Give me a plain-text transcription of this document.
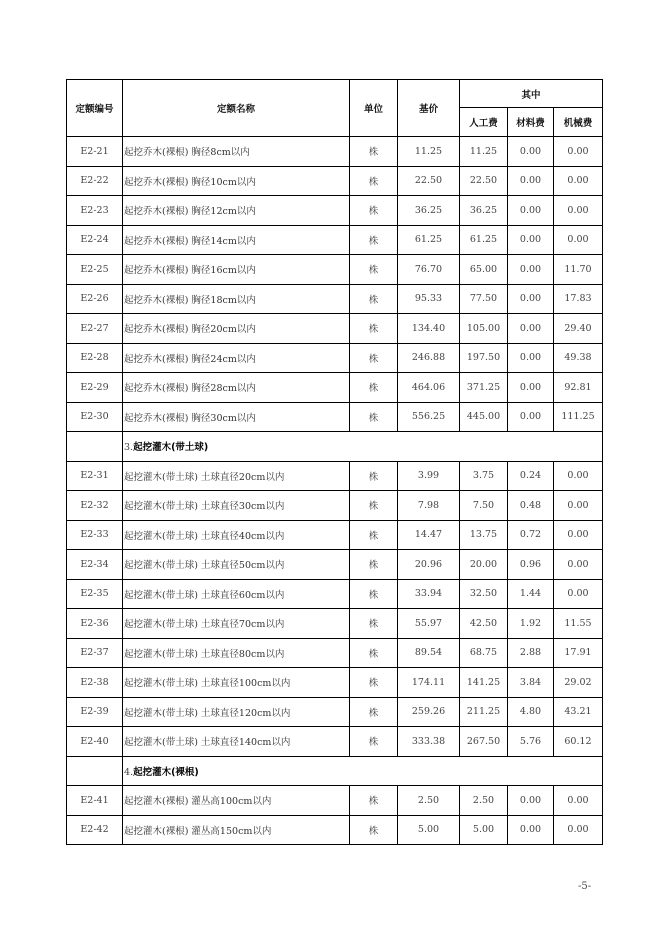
定额编号	定额名称	单位	基价	其中		
				人工费	材料费	机械费
E2-21	起挖乔木(裸根) 胸径8cm以内	株	11.25	11.25	0.00	0.00
E2-22	起挖乔木(裸根) 胸径10cm以内	株	22.50	22.50	0.00	0.00
E2-23	起挖乔木(裸根) 胸径12cm以内	株	36.25	36.25	0.00	0.00
E2-24	起挖乔木(裸根) 胸径14cm以内	株	61.25	61.25	0.00	0.00
E2-25	起挖乔木(裸根) 胸径16cm以内	株	76.70	65.00	0.00	11.70
E2-26	起挖乔木(裸根) 胸径18cm以内	株	95.33	77.50	0.00	17.83
E2-27	起挖乔木(裸根) 胸径20cm以内	株	134.40	105.00	0.00	29.40
E2-28	起挖乔木(裸根) 胸径24cm以内	株	246.88	197.50	0.00	49.38
E2-29	起挖乔木(裸根) 胸径28cm以内	株	464.06	371.25	0.00	92.81
E2-30	起挖乔木(裸根) 胸径30cm以内	株	556.25	445.00	0.00	111.25
	3.起挖灌木(带土球)					
E2-31	起挖灌木(带土球) 土球直径20cm以内	株	3.99	3.75	0.24	0.00
E2-32	起挖灌木(带土球) 土球直径30cm以内	株	7.98	7.50	0.48	0.00
E2-33	起挖灌木(带土球) 土球直径40cm以内	株	14.47	13.75	0.72	0.00
E2-34	起挖灌木(带土球) 土球直径50cm以内	株	20.96	20.00	0.96	0.00
E2-35	起挖灌木(带土球) 土球直径60cm以内	株	33.94	32.50	1.44	0.00
E2-36	起挖灌木(带土球) 土球直径70cm以内	株	55.97	42.50	1.92	11.55
E2-37	起挖灌木(带土球) 土球直径80cm以内	株	89.54	68.75	2.88	17.91
E2-38	起挖灌木(带土球) 土球直径100cm以内	株	174.11	141.25	3.84	29.02
E2-39	起挖灌木(带土球) 土球直径120cm以内	株	259.26	211.25	4.80	43.21
E2-40	起挖灌木(带土球) 土球直径140cm以内	株	333.38	267.50	5.76	60.12
	4.起挖灌木(裸根)					
E2-41	起挖灌木(裸根) 灌丛高100cm以内	株	2.50	2.50	0.00	0.00
E2-42	起挖灌木(裸根) 灌丛高150cm以内	株	5.00	5.00	0.00	0.00
-5-
